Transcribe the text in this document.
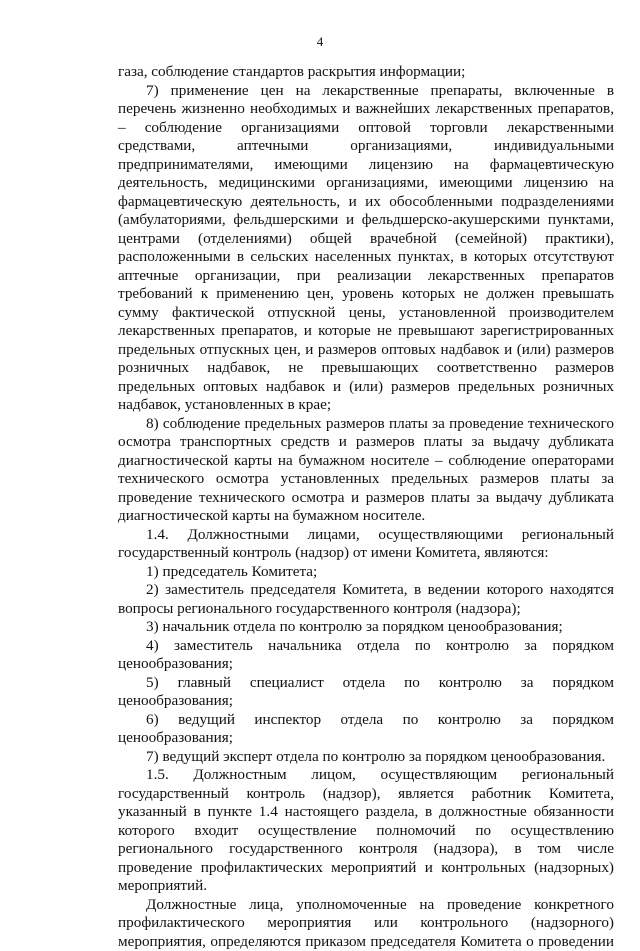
4

газа, соблюдение стандартов раскрытия информации;

7) применение цен на лекарственные препараты, включенные в перечень жизненно необходимых и важнейших лекарственных препаратов, – соблюдение организациями оптовой торговли лекарственными средствами, аптечными организациями, индивидуальными предпринимателями, имеющими лицензию на фармацевтическую деятельность, медицинскими организациями, имеющими лицензию на фармацевтическую деятельность, и их обособленными подразделениями (амбулаториями, фельдшерскими и фельдшерско-акушерскими пунктами, центрами (отделениями) общей врачебной (семейной) практики), расположенными в сельских населенных пунктах, в которых отсутствуют аптечные организации, при реализации лекарственных препаратов требований к применению цен, уровень которых не должен превышать сумму фактической отпускной цены, установленной производителем лекарственных препаратов, и которые не превышают зарегистрированных предельных отпускных цен, и размеров оптовых надбавок и (или) размеров розничных надбавок, не превышающих соответственно размеров предельных оптовых надбавок и (или) размеров предельных розничных надбавок, установленных в крае;

8) соблюдение предельных размеров платы за проведение технического осмотра транспортных средств и размеров платы за выдачу дубликата диагностической карты на бумажном носителе – соблюдение операторами технического осмотра установленных предельных размеров платы за проведение технического осмотра и размеров платы за выдачу дубликата диагностической карты на бумажном носителе.

1.4. Должностными лицами, осуществляющими региональный государственный контроль (надзор) от имени Комитета, являются:

1) председатель Комитета;

2) заместитель председателя Комитета, в ведении которого находятся вопросы регионального государственного контроля (надзора);

3) начальник отдела по контролю за порядком ценообразования;

4) заместитель начальника отдела по контролю за порядком ценообразования;

5) главный специалист отдела по контролю за порядком ценообразования;

6) ведущий инспектор отдела по контролю за порядком ценообразования;

7) ведущий эксперт отдела по контролю за порядком ценообразования.

1.5. Должностным лицом, осуществляющим региональный государственный контроль (надзор), является работник Комитета, указанный в пункте 1.4 настоящего раздела, в должностные обязанности которого входит осуществление полномочий по осуществлению регионального государственного контроля (надзора), в том числе проведение профилактических мероприятий и контрольных (надзорных) мероприятий.

Должностные лица, уполномоченные на проведение конкретного профилактического мероприятия или контрольного (надзорного) мероприятия, определяются приказом председателя Комитета о проведении
